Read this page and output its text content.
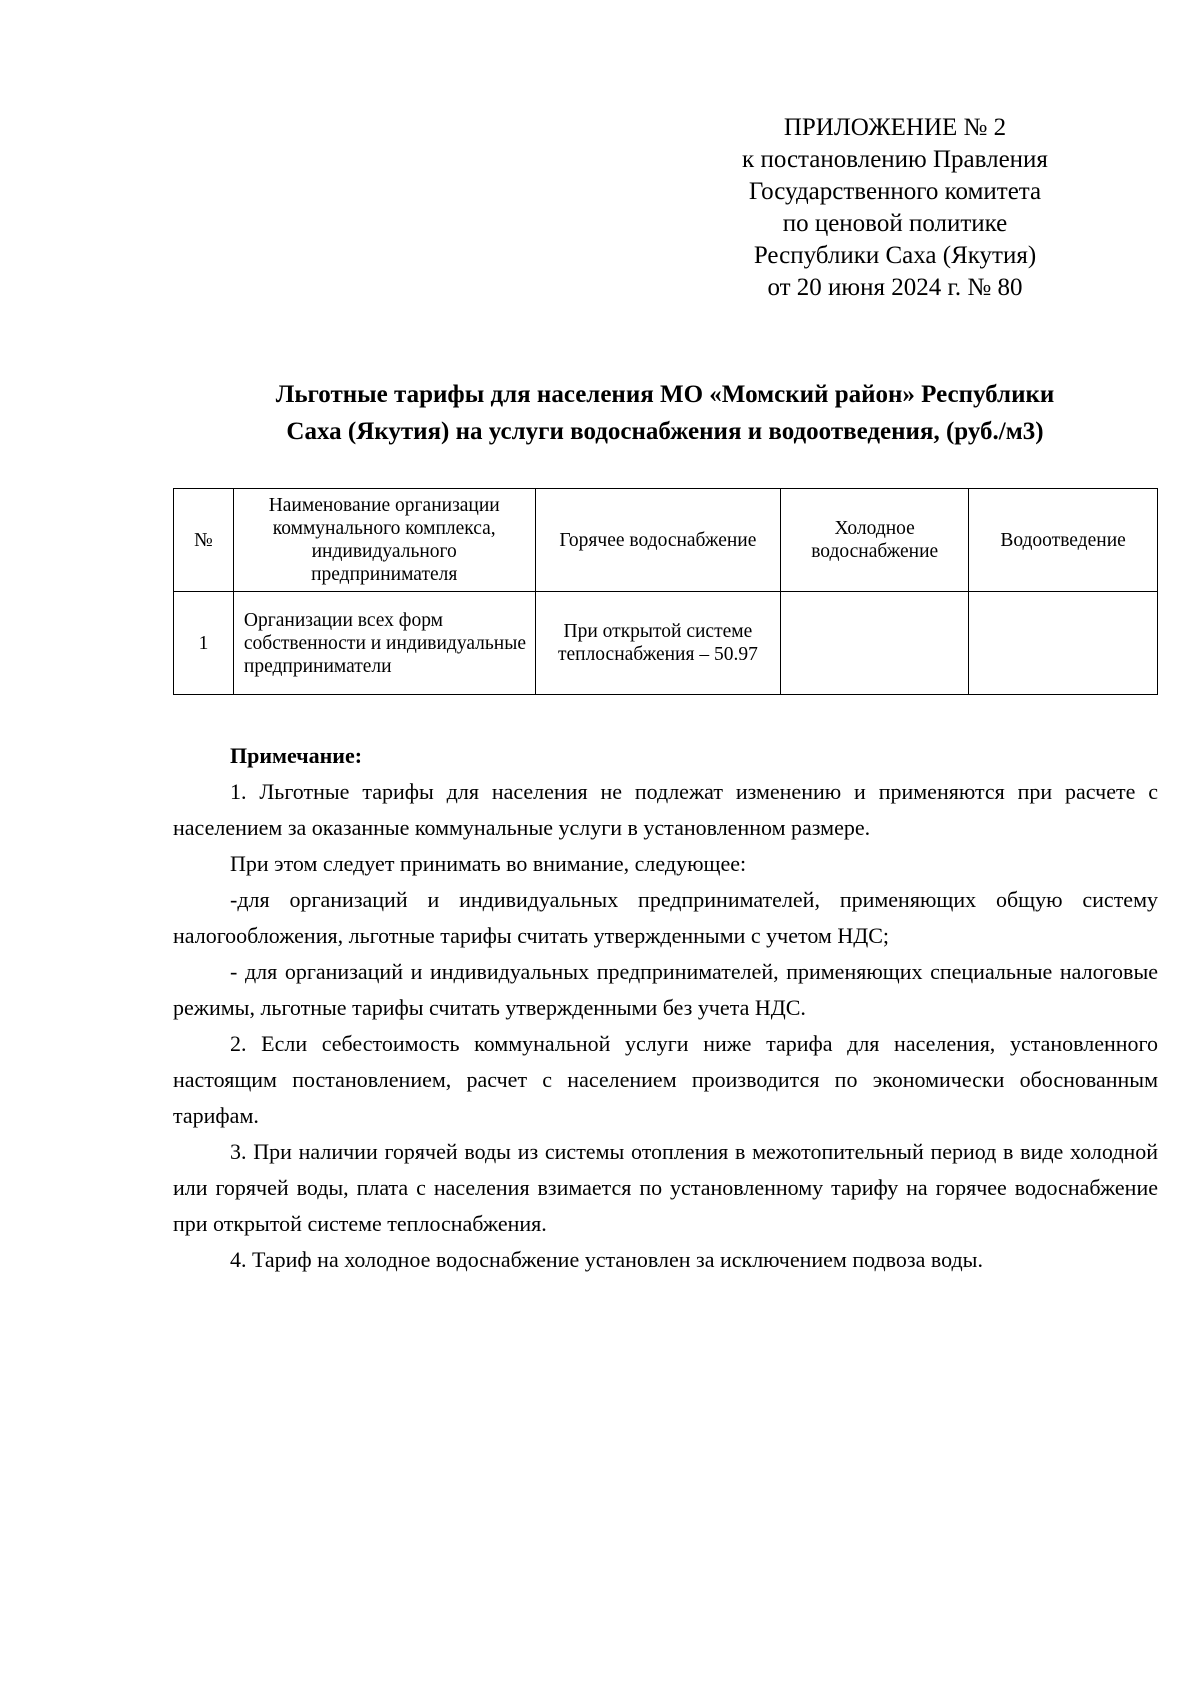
ПРИЛОЖЕНИЕ № 2
к постановлению Правления
Государственного комитета
по ценовой политике
Республики Саха (Якутия)
от 20 июня 2024 г. № 80
Льготные тарифы для населения МО «Момский район» Республики
Саха (Якутия) на услуги водоснабжения и водоотведения, (руб./м3)
№	Наименование организации коммунального комплекса, индивидуального предпринимателя	Горячее водоснабжение	Холодное водоснабжение	Водоотведение
1	Организации всех форм собственности и индивидуальные предприниматели	При открытой системе теплоснабжения – 50.97		

Примечание:

1. Льготные тарифы для населения не подлежат изменению и применяются при расчете с населением за оказанные коммунальные услуги в установленном размере.

При этом следует принимать во внимание, следующее:

-для организаций и индивидуальных предпринимателей, применяющих общую систему налогообложения, льготные тарифы считать утвержденными с учетом НДС;

- для организаций и индивидуальных предпринимателей, применяющих специальные налоговые режимы, льготные тарифы считать утвержденными без учета НДС.

2. Если себестоимость коммунальной услуги ниже тарифа для населения, установленного настоящим постановлением, расчет с населением производится по экономически обоснованным тарифам.

3. При наличии горячей воды из системы отопления в межотопительный период в виде холодной или горячей воды, плата с населения взимается по установленному тарифу на горячее водоснабжение при открытой системе теплоснабжения.

4. Тариф на холодное водоснабжение установлен за исключением подвоза воды.
